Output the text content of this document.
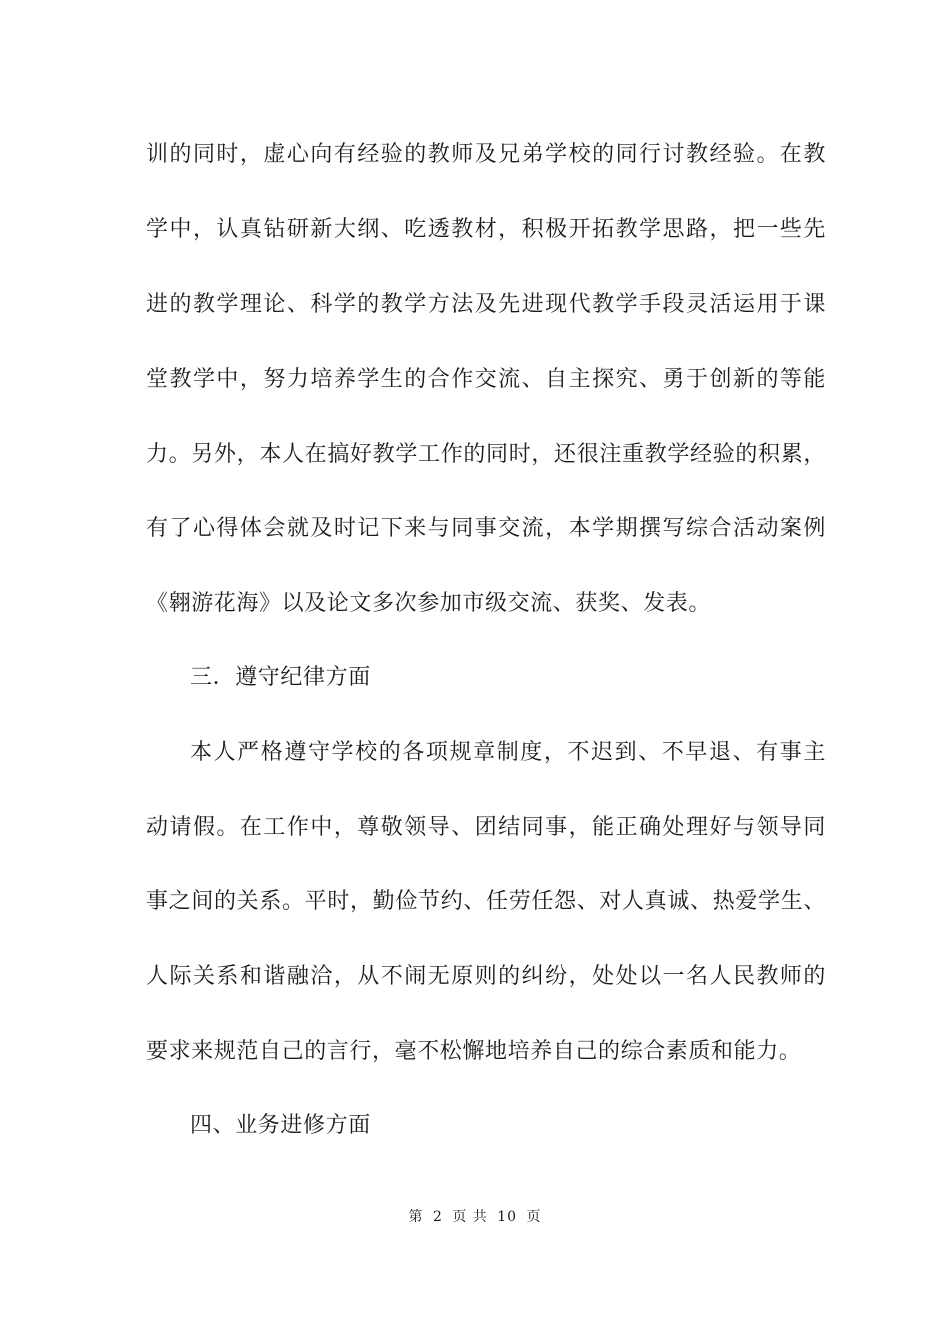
训的同时，虚心向有经验的教师及兄弟学校的同行讨教经验。在教
学中，认真钻研新大纲、吃透教材，积极开拓教学思路，把一些先
进的教学理论、科学的教学方法及先进现代教学手段灵活运用于课
堂教学中，努力培养学生的合作交流、自主探究、勇于创新的等能
力。另外，本人在搞好教学工作的同时，还很注重教学经验的积累，
有了心得体会就及时记下来与同事交流，本学期撰写综合活动案例
《翱游花海》以及论文多次参加市级交流、获奖、发表。
三．遵守纪律方面
本人严格遵守学校的各项规章制度，不迟到、不早退、有事主
动请假。在工作中，尊敬领导、团结同事，能正确处理好与领导同
事之间的关系。平时，勤俭节约、任劳任怨、对人真诚、热爱学生、
人际关系和谐融洽，从不闹无原则的纠纷，处处以一名人民教师的
要求来规范自己的言行，毫不松懈地培养自己的综合素质和能力。
四、业务进修方面
第 2 页 共 10 页
